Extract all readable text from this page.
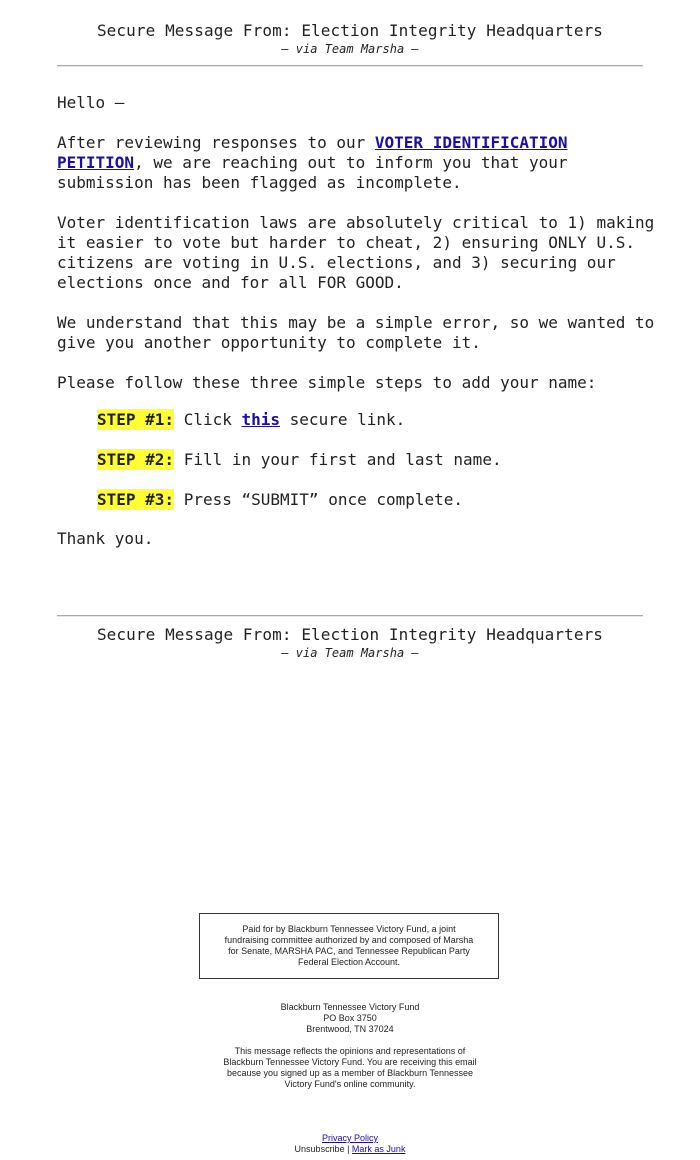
Secure Message From: Election Integrity Headquarters
– via Team Marsha –

Hello –

After reviewing responses to our VOTER IDENTIFICATION PETITION, we are reaching out to inform you that your submission has been flagged as incomplete.

Voter identification laws are absolutely critical to 1) making it easier to vote but harder to cheat, 2) ensuring ONLY U.S. citizens are voting in U.S. elections, and 3) securing our elections once and for all FOR GOOD.

We understand that this may be a simple error, so we wanted to give you another opportunity to complete it.

Please follow these three simple steps to add your name:

STEP #1: Click this secure link.
STEP #2: Fill in your first and last name.
STEP #3: Press “SUBMIT” once complete.

Thank you.

Secure Message From: Election Integrity Headquarters
– via Team Marsha –
Paid for by Blackburn Tennessee Victory Fund, a joint
fundraising committee authorized by and composed of Marsha
for Senate, MARSHA PAC, and Tennessee Republican Party
Federal Election Account.
Blackburn Tennessee Victory Fund
PO Box 3750
Brentwood, TN 37024
This message reflects the opinions and representations of
Blackburn Tennessee Victory Fund. You are receiving this email
because you signed up as a member of Blackburn Tennessee
Victory Fund's online community.
Privacy Policy
Unsubscribe | Mark as Junk
